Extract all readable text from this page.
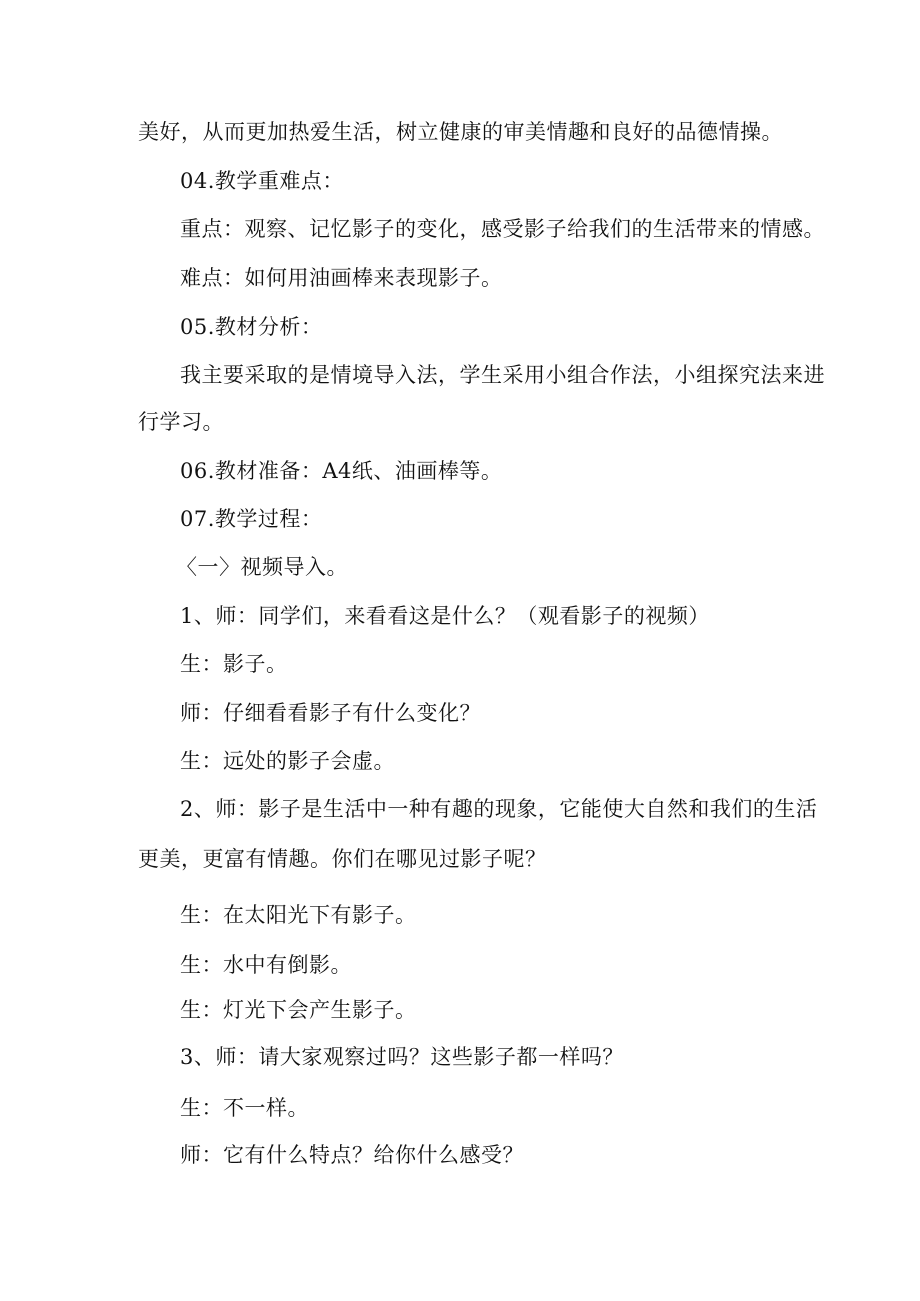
美好，从而更加热爱生活，树立健康的审美情趣和良好的品德情操。
04.教学重难点：
重点：观察、记忆影子的变化，感受影子给我们的生活带来的情感。
难点：如何用油画棒来表现影子。
05.教材分析：
我主要采取的是情境导入法，学生采用小组合作法，小组探究法来进
行学习。
06.教材准备：A4纸、油画棒等。
07.教学过程：
〈一〉视频导入。
1、师：同学们，来看看这是什么？（观看影子的视频）
生：影子。
师：仔细看看影子有什么变化？
生：远处的影子会虚。
2、师：影子是生活中一种有趣的现象，它能使大自然和我们的生活
更美，更富有情趣。你们在哪见过影子呢？
生：在太阳光下有影子。
生：水中有倒影。
生：灯光下会产生影子。
3、师：请大家观察过吗？这些影子都一样吗？
生：不一样。
师：它有什么特点？给你什么感受？
